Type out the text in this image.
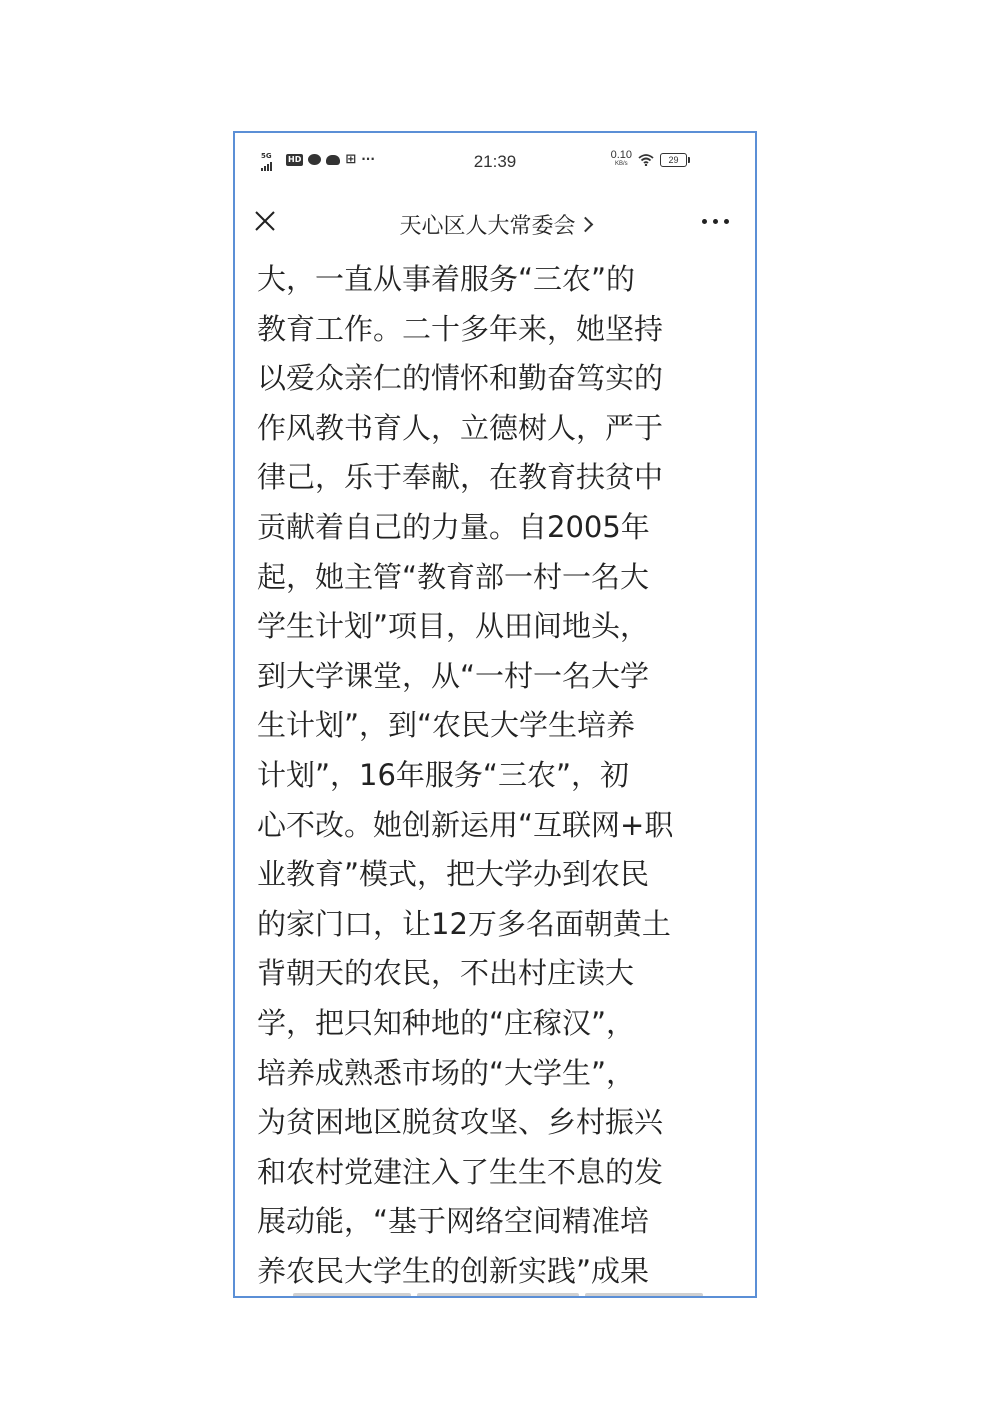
5G	HD	⊞ ···	21:39	0.10
KB/s	29
天心区人大常委会
大，一直从事着服务“三农”的
教育工作。二十多年来，她坚持
以爱众亲仁的情怀和勤奋笃实的
作风教书育人，立德树人，严于
律己，乐于奉献，在教育扶贫中
贡献着自己的力量。自2005年
起，她主管“教育部一村一名大
学生计划”项目，从田间地头，
到大学课堂，从“一村一名大学
生计划”，到“农民大学生培养
计划”，16年服务“三农”，初
心不改。她创新运用“互联网+职
业教育”模式，把大学办到农民
的家门口，让12万多名面朝黄土
背朝天的农民，不出村庄读大
学，把只知种地的“庄稼汉”，
培养成熟悉市场的“大学生”，
为贫困地区脱贫攻坚、乡村振兴
和农村党建注入了生生不息的发
展动能，“基于网络空间精准培
养农民大学生的创新实践”成果
